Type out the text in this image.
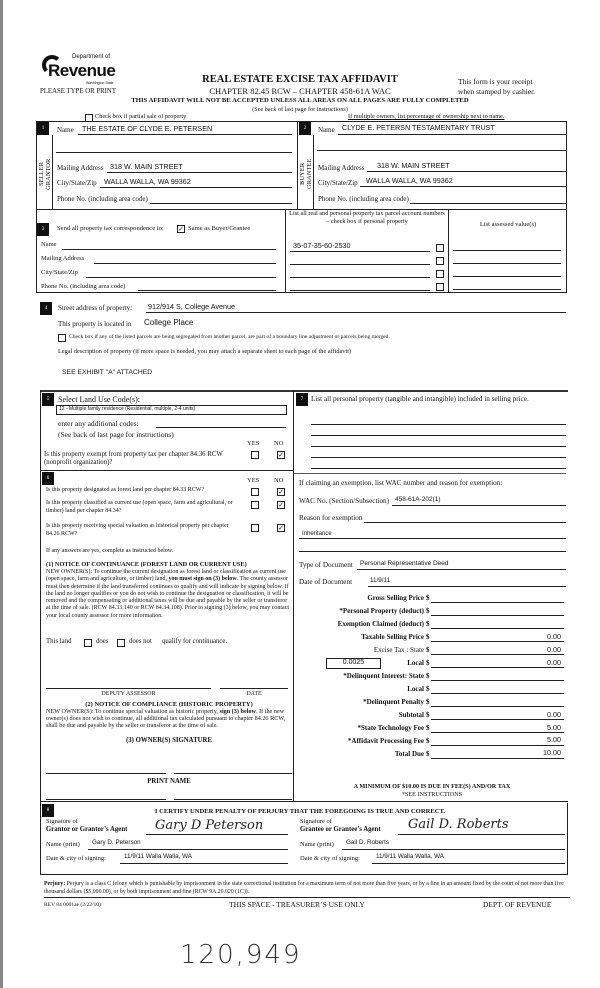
Department of
Revenue
Washington State
PLEASE TYPE OR PRINT
REAL ESTATE EXCISE TAX AFFIDAVIT
CHAPTER 82.45 RCW – CHAPTER 458-61A WAC
This form is your receipt
when stamped by cashier.
THIS AFFIDAVIT WILL NOT BE ACCEPTED UNLESS ALL AREAS ON ALL PAGES ARE FULLY COMPLETED
(See back of last page for instructions)
Check box if partial sale of property	If multiple owners, list percentage of ownership next to name.
1
SELLER
GRANTOR
Name THE ESTATE OF CLYDE E. PETERSEN
Mailing Address 318 W. MAIN STREET
City/State/Zip WALLA WALLA, WA 99362
Phone No. (including area code)
2
BUYER
GRANTEE
Name CLYDE E. PETERSN TESTAMENTARY TRUST
Mailing Address 318 W. MAIN STREET
City/State/Zip WALLA WALLA, WA 99362
Phone No. (including area code)
3	Send all property tax correspondence to: ✓ Same as Buyer/Grantee
List all real and personal property tax parcel account numbers – check box if personal property	List assessed value(s)
Name
Mailing Address
City/State/Zip
Phone No. (including area code)
35-07-35-60-2530
4	Street address of property: 912/914 S, College Avenue
This property is located in College Place
Check box if any of the listed parcels are being segregated from another parcel, are part of a boundary line adjustment or parcels being merged.
Legal description of property (if more space is needed, you may attach a separate sheet to each page of the affidavit)
SEE EXHIBIT "A" ATTACHED
5	Select Land Use Code(s):
12 - Multiple family residence (Residential, multiple, 2-4 units)
enter any additional codes:
(See back of last page for instructions)
YES NO
Is this property exempt from property tax per chapter 84.36 RCW (nonprofit organization)?
✓
6	YES NO
Is this property designated as forest land per chapter 84.33 RCW?	✓
Is this property classified as current use (open space, farm and agricultural, or timber) land per chapter 84.34?
✓
Is this property receiving special valuation as historical property per chapter 84.26 RCW?
✓
If any answers are yes, complete as instructed below.
(1) NOTICE OF CONTINUANCE (FOREST LAND OR CURRENT USE)
NEW OWNER(S): To continue the current designation as forest land or classification as current use (open space, farm and agriculture, or timber) land, you must sign on (3) below. The county assessor must then determine if the land transferred continues to qualify and will indicate by signing below. If the land no longer qualifies or you do not wish to continue the designation or classification, it will be removed and the compensating or additional taxes will be due and payable by the seller or transferor at the time of sale. (RCW 84.33.140 or RCW 84.34.108). Prior to signing (3) below, you may contact your local county assessor for more information.
This land	does	does not qualify for continuance.
DEPUTY ASSESSOR	DATE
(2) NOTICE OF COMPLIANCE (HISTORIC PROPERTY)
NEW OWNER(S): To continue special valuation as historic property, sign (3) below. If the new owner(s) does not wish to continue, all additional tax calculated pursuant to chapter 84.26 RCW, shall be due and payable by the seller or transferor at the time of sale.
(3) OWNER(S) SIGNATURE
PRINT NAME
7	List all personal property (tangible and intangible) included in selling price.
If claiming an exemption, list WAC number and reason for exemption:
WAC No. (Section/Subsection) 458-61A-202(1)
Reason for exemption
Inheritance
Type of Document Personal Representative Deed
Date of Document	11/9/11
Gross Selling Price $
*Personal Property (deduct) $
Exemption Claimed (deduct) $
Taxable Selling Price $	0.00
Excise Tax : State $	0.00
0.0025	Local $	0.00
*Delinquent Interest: State $
Local $
*Delinquent Penalty $
Subtotal $	0.00
*State Technology Fee $	5.00
*Affidavit Processing Fee $	5.00
Total Due $	10.00
A MINIMUM OF $10.00 IS DUE IN FEE(S) AND/OR TAX
*SEE INSTRUCTIONS
8	I CERTIFY UNDER PENALTY OF PERJURY THAT THE FOREGOING IS TRUE AND CORRECT.
Signature of
Grantor or Grantor’s Agent Gary D Peterson
Name (print) Gary D. Peterson
Date & city of signing:	11/9/11 Walla Walla, WA
Signature of
Grantee or Grantee’s Agent Gail D. Roberts
Name (print) Gail D. Roberts
Date & city of signing:	11/9/11 Walla Walla, WA
Perjury: Perjury is a class C felony which is punishable by imprisonment in the state correctional institution for a maximum term of not more than five years, or by a fine in an amount fixed by the court of not more than five thousand dollars ($5,000.00), or by both imprisonment and fine (RCW 9A.20.020 (1C)).
REV 84 0001ae (2/22/10)	THIS SPACE - TREASURER’S USE ONLY	DEPT. OF REVENUE
120,949
